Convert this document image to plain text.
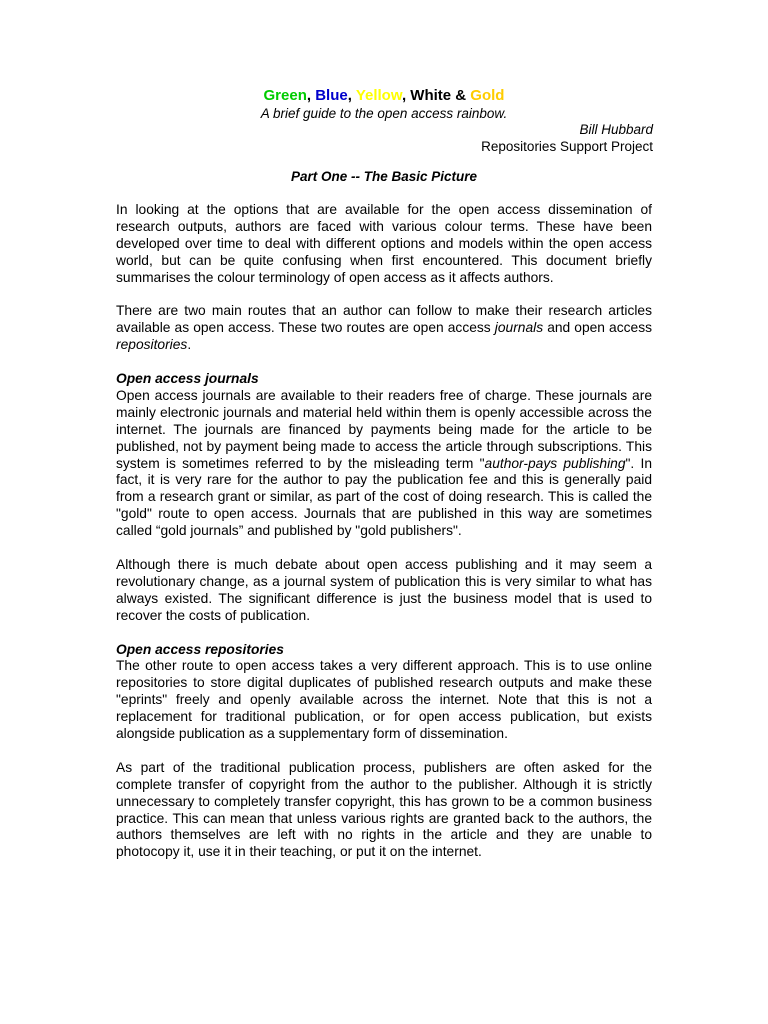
Green, Blue, Yellow, White & Gold
A brief guide to the open access rainbow.
Bill Hubbard
Repositories Support Project
Part One -- The Basic Picture

In looking at the options that are available for the open access dissemination of research outputs, authors are faced with various colour terms. These have been developed over time to deal with different options and models within the open access world, but can be quite confusing when first encountered. This document briefly summarises the colour terminology of open access as it affects authors.

There are two main routes that an author can follow to make their research articles available as open access. These two routes are open access journals and open access repositories.

Open access journals

Open access journals are available to their readers free of charge. These journals are mainly electronic journals and material held within them is openly accessible across the internet. The journals are financed by payments being made for the article to be published, not by payment being made to access the article through subscriptions. This system is sometimes referred to by the misleading term "author-pays publishing". In fact, it is very rare for the author to pay the publication fee and this is generally paid from a research grant or similar, as part of the cost of doing research. This is called the "gold" route to open access. Journals that are published in this way are sometimes called “gold journals” and published by "gold publishers".

Although there is much debate about open access publishing and it may seem a revolutionary change, as a journal system of publication this is very similar to what has always existed. The significant difference is just the business model that is used to recover the costs of publication.

Open access repositories

The other route to open access takes a very different approach. This is to use online repositories to store digital duplicates of published research outputs and make these "eprints" freely and openly available across the internet. Note that this is not a replacement for traditional publication, or for open access publication, but exists alongside publication as a supplementary form of dissemination.

As part of the traditional publication process, publishers are often asked for the complete transfer of copyright from the author to the publisher. Although it is strictly unnecessary to completely transfer copyright, this has grown to be a common business practice. This can mean that unless various rights are granted back to the authors, the authors themselves are left with no rights in the article and they are unable to photocopy it, use it in their teaching, or put it on the internet.
